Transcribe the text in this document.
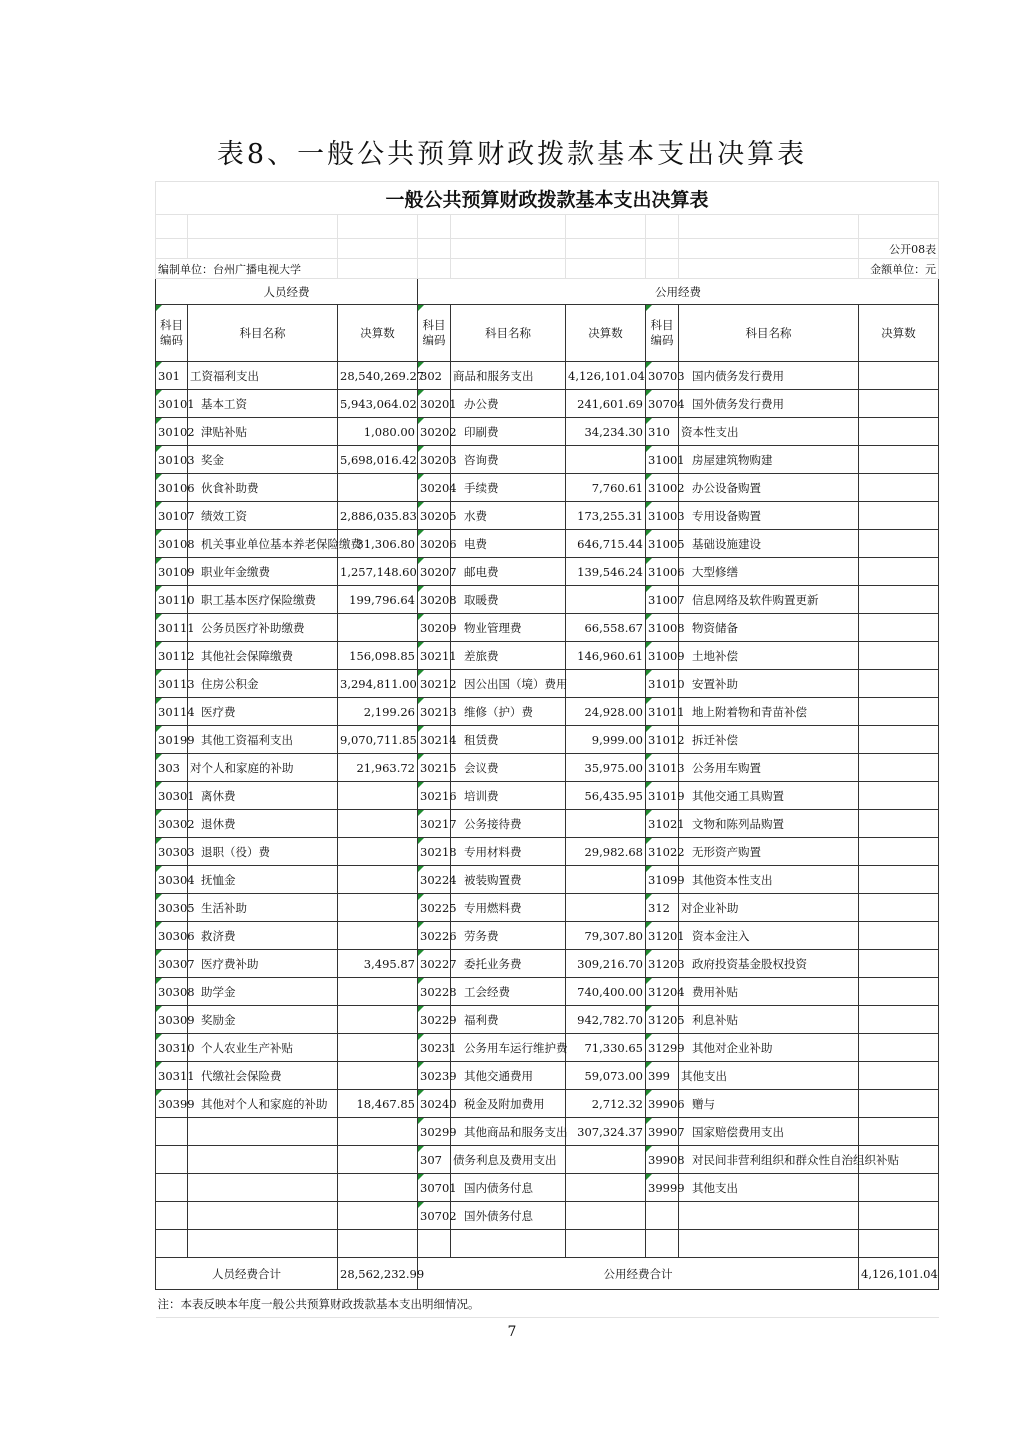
表8、一般公共预算财政拨款基本支出决算表
一般公共预算财政拨款基本支出决算表								

								公开08表
编制单位：台州广播电视大学								金额单位：元
人员经费			公用经费					
科目编码	科目名称	决算数	科目编码	科目名称	决算数	科目编码	科目名称	决算数
301	工资福利支出	28,540,269.27	302	商品和服务支出	4,126,101.04	30703	国内债务发行费用	
30101	基本工资	5,943,064.02	30201	办公费	241,601.69	30704	国外债务发行费用	
30102	津贴补贴	1,080.00	30202	印刷费	34,234.30	310	资本性支出	
30103	奖金	5,698,016.42	30203	咨询费		31001	房屋建筑物购建	
30106	伙食补助费		30204	手续费	7,760.61	31002	办公设备购置	
30107	绩效工资	2,886,035.83	30205	水费	173,255.31	31003	专用设备购置	
30108	机关事业单位基本养老保险缴费	31,306.80	30206	电费	646,715.44	31005	基础设施建设	
30109	职业年金缴费	1,257,148.60	30207	邮电费	139,546.24	31006	大型修缮	
30110	职工基本医疗保险缴费	199,796.64	30208	取暖费		31007	信息网络及软件购置更新	
30111	公务员医疗补助缴费		30209	物业管理费	66,558.67	31008	物资储备	
30112	其他社会保障缴费	156,098.85	30211	差旅费	146,960.61	31009	土地补偿	
30113	住房公积金	3,294,811.00	30212	因公出国（境）费用		31010	安置补助	
30114	医疗费	2,199.26	30213	维修（护）费	24,928.00	31011	地上附着物和青苗补偿	
30199	其他工资福利支出	9,070,711.85	30214	租赁费	9,999.00	31012	拆迁补偿	
303	对个人和家庭的补助	21,963.72	30215	会议费	35,975.00	31013	公务用车购置	
30301	离休费		30216	培训费	56,435.95	31019	其他交通工具购置	
30302	退休费		30217	公务接待费		31021	文物和陈列品购置	
30303	退职（役）费		30218	专用材料费	29,982.68	31022	无形资产购置	
30304	抚恤金		30224	被装购置费		31099	其他资本性支出	
30305	生活补助		30225	专用燃料费		312	对企业补助	
30306	救济费		30226	劳务费	79,307.80	31201	资本金注入	
30307	医疗费补助	3,495.87	30227	委托业务费	309,216.70	31203	政府投资基金股权投资	
30308	助学金		30228	工会经费	740,400.00	31204	费用补贴	
30309	奖励金		30229	福利费	942,782.70	31205	利息补贴	
30310	个人农业生产补贴		30231	公务用车运行维护费	71,330.65	31299	其他对企业补助	
30311	代缴社会保险费		30239	其他交通费用	59,073.00	399	其他支出	
30399	其他对个人和家庭的补助	18,467.85	30240	税金及附加费用	2,712.32	39906	赠与	
			30299	其他商品和服务支出	307,324.37	39907	国家赔偿费用支出	
			307	债务利息及费用支出		39908	对民间非营利组织和群众性自治组织补贴	
			30701	国内债务付息		39999	其他支出	
			30702	国外债务付息				

人员经费合计		28,562,232.99	公用经费合计					4,126,101.04
注：本表反映本年度一般公共预算财政拨款基本支出明细情况。								
7
